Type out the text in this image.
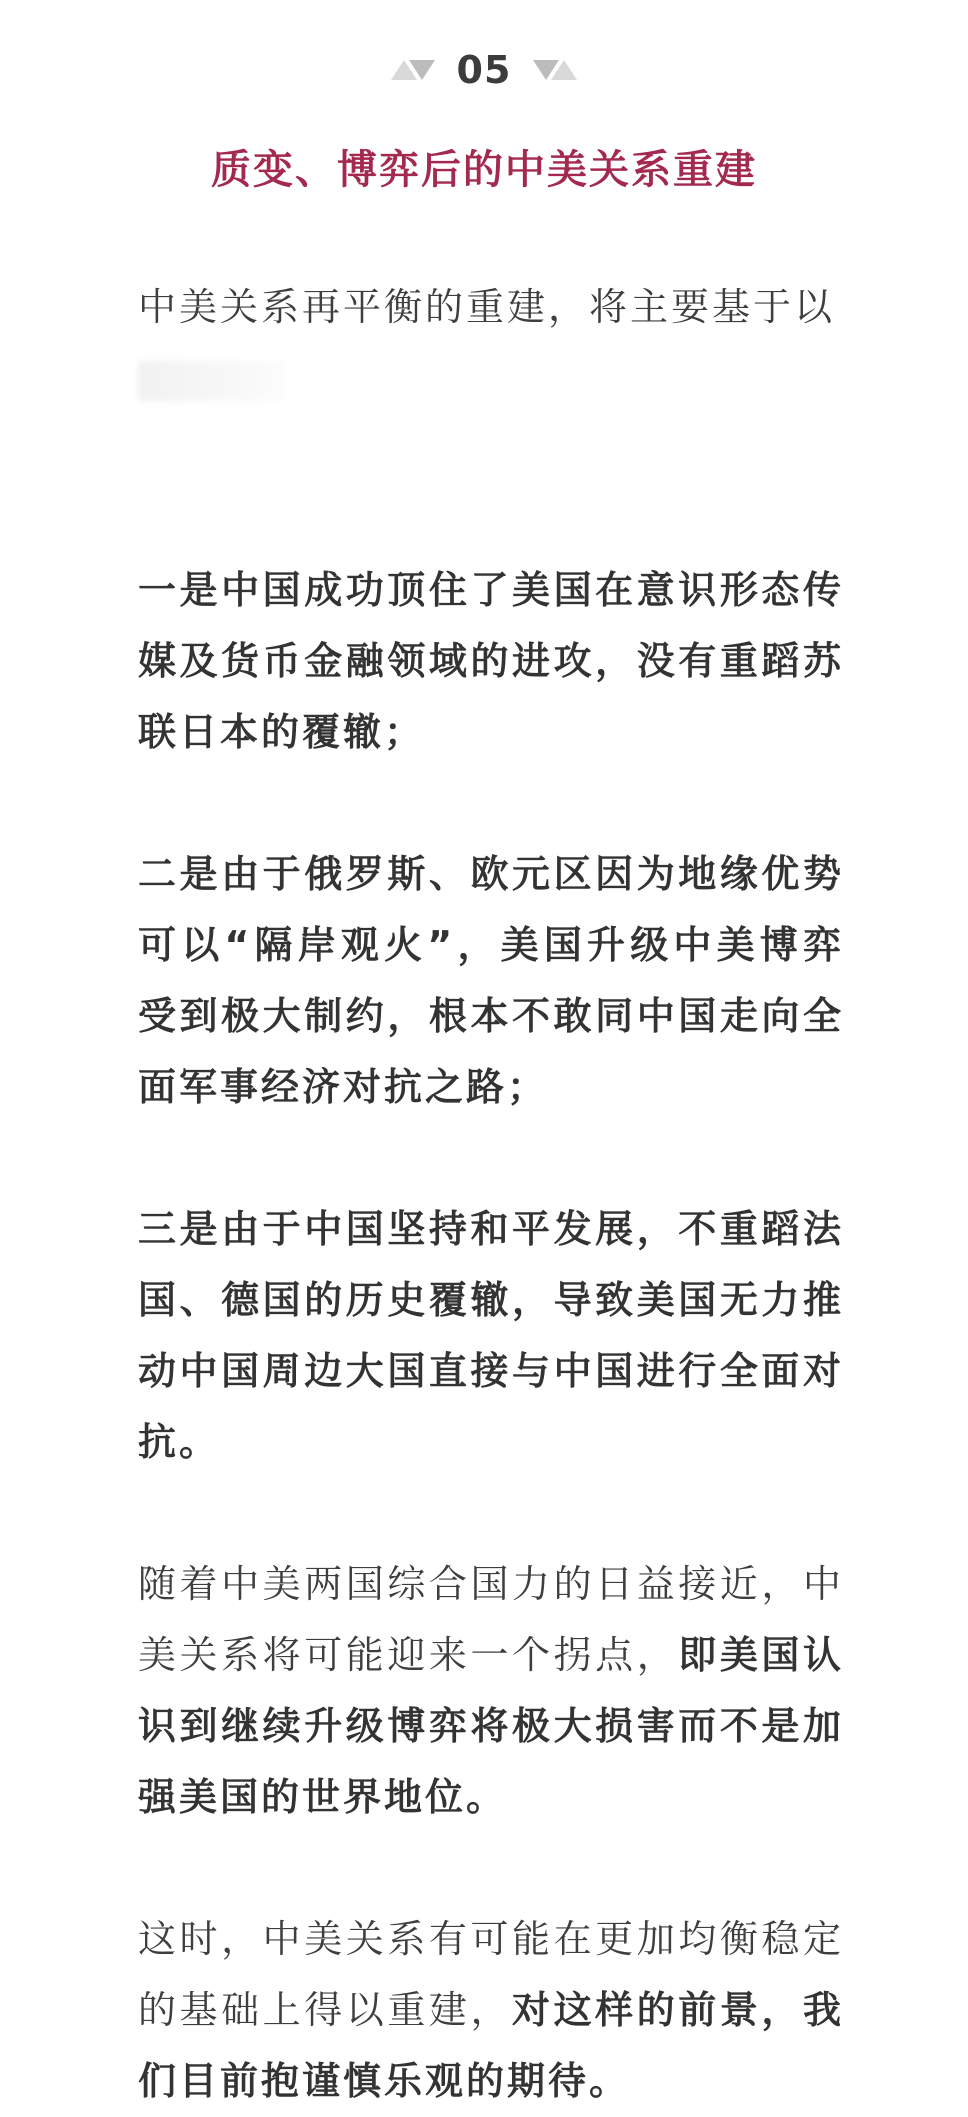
05
质变、博弈后的中美关系重建

中美关系再平衡的重建，将主要基于以

一是中国成功顶住了美国在意识形态传媒及货币金融领域的进攻，没有重蹈苏联日本的覆辙；

二是由于俄罗斯、欧元区因为地缘优势可以“隔岸观火”，美国升级中美博弈受到极大制约，根本不敢同中国走向全面军事经济对抗之路；

三是由于中国坚持和平发展，不重蹈法国、德国的历史覆辙，导致美国无力推动中国周边大国直接与中国进行全面对抗。

随着中美两国综合国力的日益接近，中美关系将可能迎来一个拐点，即美国认识到继续升级博弈将极大损害而不是加强美国的世界地位。

这时，中美关系有可能在更加均衡稳定的基础上得以重建，对这样的前景，我们目前抱谨慎乐观的期待。
